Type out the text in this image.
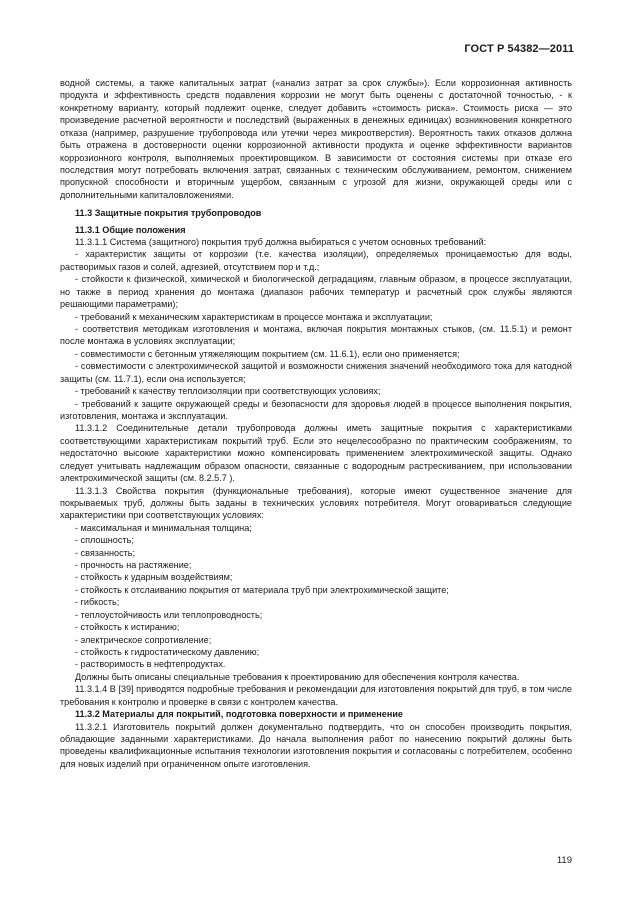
ГОСТ Р 54382—2011

водной системы, а также капитальных затрат («анализ затрат за срок службы»). Если коррозионная активность продукта и эффективность средств подавления коррозии не могут быть оценены с достаточной точностью, - к конкретному варианту, который подлежит оценке, следует добавить «стоимость риска». Стоимость риска — это произведение расчетной вероятности и последствий (выраженных в денежных единицах) возникновения конкретного отказа (например, разрушение трубопровода или утечки через микроотверстия). Вероятность таких отказов должна быть отражена в достоверности оценки коррозионной активности продукта и оценке эффективности вариантов коррозионного контроля, выполняемых проектировщиком. В зависимости от состояния системы при отказе его последствия могут потребовать включения затрат, связанных с техническим обслуживанием, ремонтом, снижением пропускной способности и вторичным ущербом, связанным с угрозой для жизни, окружающей среды или с дополнительными капиталовложениями.

11.3 Защитные покрытия трубопроводов

11.3.1 Общие положения

11.3.1.1 Система (защитного) покрытия труб должна выбираться с учетом основных требований:

- характеристик защиты от коррозии (т.е. качества изоляции), определяемых проницаемостью для воды, растворимых газов и солей, адгезией, отсутствием пор и т.д.;

- стойкости к физической, химической и биологической деградациям, главным образом, в процессе эксплуатации, но также в период хранения до монтажа (диапазон рабочих температур и расчетный срок службы являются решающими параметрами);

- требований к механическим характеристикам в процессе монтажа и эксплуатации;

- соответствия методикам изготовления и монтажа, включая покрытия монтажных стыков, (см. 11.5.1) и ремонт после монтажа в условиях эксплуатации;

- совместимости с бетонным утяжеляющим покрытием (см. 11.6.1), если оно применяется;

- совместимости с электрохимической защитой и возможности снижения значений необходимого тока для катодной защиты (см. 11.7.1), если она используется;

- требований к качеству теплоизоляции при соответствующих условиях;

- требований к защите окружающей среды и безопасности для здоровья людей в процессе выполнения покрытия, изготовления, монтажа и эксплуатации.

11.3.1.2 Соединительные детали трубопровода должны иметь защитные покрытия с характеристиками соответствующими характеристикам покрытий труб. Если это нецелесообразно по практическим соображениям, то недостаточно высокие характеристики можно компенсировать применением электрохимической защиты. Однако следует учитывать надлежащим образом опасности, связанные с водородным растрескиванием, при использовании электрохимической защиты (см. 8.2.5.7 ).

11.3.1.3 Свойства покрытия (функциональные требования), которые имеют существенное значение для покрываемых труб, должны быть заданы в технических условиях потребителя. Могут оговариваться следующие характеристики при соответствующих условиях:

- максимальная и минимальная толщина;

- сплошность;

- связанность;

- прочность на растяжение;

- стойкость к ударным воздействиям;

- стойкость к отслаиванию покрытия от материала труб при электрохимической защите;

- гибкость;

- теплоустойчивость или теплопроводность;

- стойкость к истиранию;

- электрическое сопротивление;

- стойкость к гидростатическому давлению;

- растворимость в нефтепродуктах.

Должны быть описаны специальные требования к проектированию для обеспечения контроля качества.

11.3.1.4 В [39] приводятся подробные требования и рекомендации для изготовления покрытий для труб, в том числе требования к контролю и проверке в связи с контролем качества.

11.3.2 Материалы для покрытий, подготовка поверхности и применение

11.3.2.1 Изготовитель покрытий должен документально подтвердить, что он способен производить покрытия, обладающие заданными характеристиками. До начала выполнения работ по нанесению покрытий должны быть проведены квалификационные испытания технологии изготовления покрытия и согласованы с потребителем, особенно для новых изделий при ограниченном опыте изготовления.

119
